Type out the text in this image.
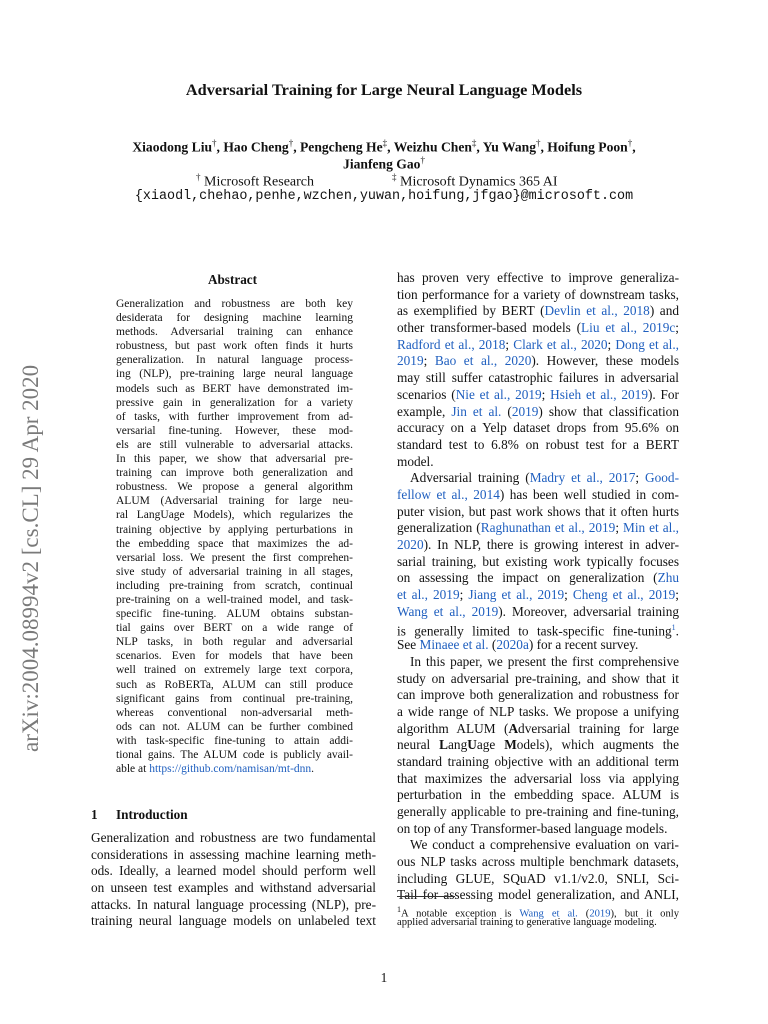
Adversarial Training for Large Neural Language Models
Xiaodong Liu†, Hao Cheng†, Pengcheng He‡, Weizhu Chen‡, Yu Wang†, Hoifung Poon†,
Jianfeng Gao†
† Microsoft Research	‡ Microsoft Dynamics 365 AI
{xiaodl,chehao,penhe,wzchen,yuwan,hoifung,jfgao}@microsoft.com
arXiv:2004.08994v2 [cs.CL] 29 Apr 2020
Abstract
Generalization and robustness are both key
desiderata for designing machine learning
methods. Adversarial training can enhance
robustness, but past work often finds it hurts
generalization. In natural language process-
ing (NLP), pre-training large neural language
models such as BERT have demonstrated im-
pressive gain in generalization for a variety
of tasks, with further improvement from ad-
versarial fine-tuning. However, these mod-
els are still vulnerable to adversarial attacks.
In this paper, we show that adversarial pre-
training can improve both generalization and
robustness. We propose a general algorithm
ALUM (Adversarial training for large neu-
ral LangUage Models), which regularizes the
training objective by applying perturbations in
the embedding space that maximizes the ad-
versarial loss. We present the first comprehen-
sive study of adversarial training in all stages,
including pre-training from scratch, continual
pre-training on a well-trained model, and task-
specific fine-tuning. ALUM obtains substan-
tial gains over BERT on a wide range of
NLP tasks, in both regular and adversarial
scenarios. Even for models that have been
well trained on extremely large text corpora,
such as RoBERTa, ALUM can still produce
significant gains from continual pre-training,
whereas conventional non-adversarial meth-
ods can not. ALUM can be further combined
with task-specific fine-tuning to attain addi-
tional gains. The ALUM code is publicly avail-
able at https://github.com/namisan/mt-dnn.
1 Introduction
Generalization and robustness are two fundamental
considerations in assessing machine learning meth-
ods. Ideally, a learned model should perform well
on unseen test examples and withstand adversarial
attacks. In natural language processing (NLP), pre-
training neural language models on unlabeled text
has proven very effective to improve generaliza-
tion performance for a variety of downstream tasks,
as exemplified by BERT (Devlin et al., 2018) and
other transformer-based models (Liu et al., 2019c;
Radford et al., 2018; Clark et al., 2020; Dong et al.,
2019; Bao et al., 2020). However, these models
may still suffer catastrophic failures in adversarial
scenarios (Nie et al., 2019; Hsieh et al., 2019). For
example, Jin et al. (2019) show that classification
accuracy on a Yelp dataset drops from 95.6% on
standard test to 6.8% on robust test for a BERT
model.
Adversarial training (Madry et al., 2017; Good-
fellow et al., 2014) has been well studied in com-
puter vision, but past work shows that it often hurts
generalization (Raghunathan et al., 2019; Min et al.,
2020). In NLP, there is growing interest in adver-
sarial training, but existing work typically focuses
on assessing the impact on generalization (Zhu
et al., 2019; Jiang et al., 2019; Cheng et al., 2019;
Wang et al., 2019). Moreover, adversarial training
is generally limited to task-specific fine-tuning$^1$.
See Minaee et al. (2020a) for a recent survey.
In this paper, we present the first comprehensive
study on adversarial pre-training, and show that it
can improve both generalization and robustness for
a wide range of NLP tasks. We propose a unifying
algorithm ALUM (Adversarial training for large
neural LangUage Models), which augments the
standard training objective with an additional term
that maximizes the adversarial loss via applying
perturbation in the embedding space. ALUM is
generally applicable to pre-training and fine-tuning,
on top of any Transformer-based language models.
We conduct a comprehensive evaluation on vari-
ous NLP tasks across multiple benchmark datasets,
including GLUE, SQuAD v1.1/v2.0, SNLI, Sci-
Tail for assessing model generalization, and ANLI,
$^1$A notable exception is Wang et al. (2019), but it only
applied adversarial training to generative language modeling.
1
